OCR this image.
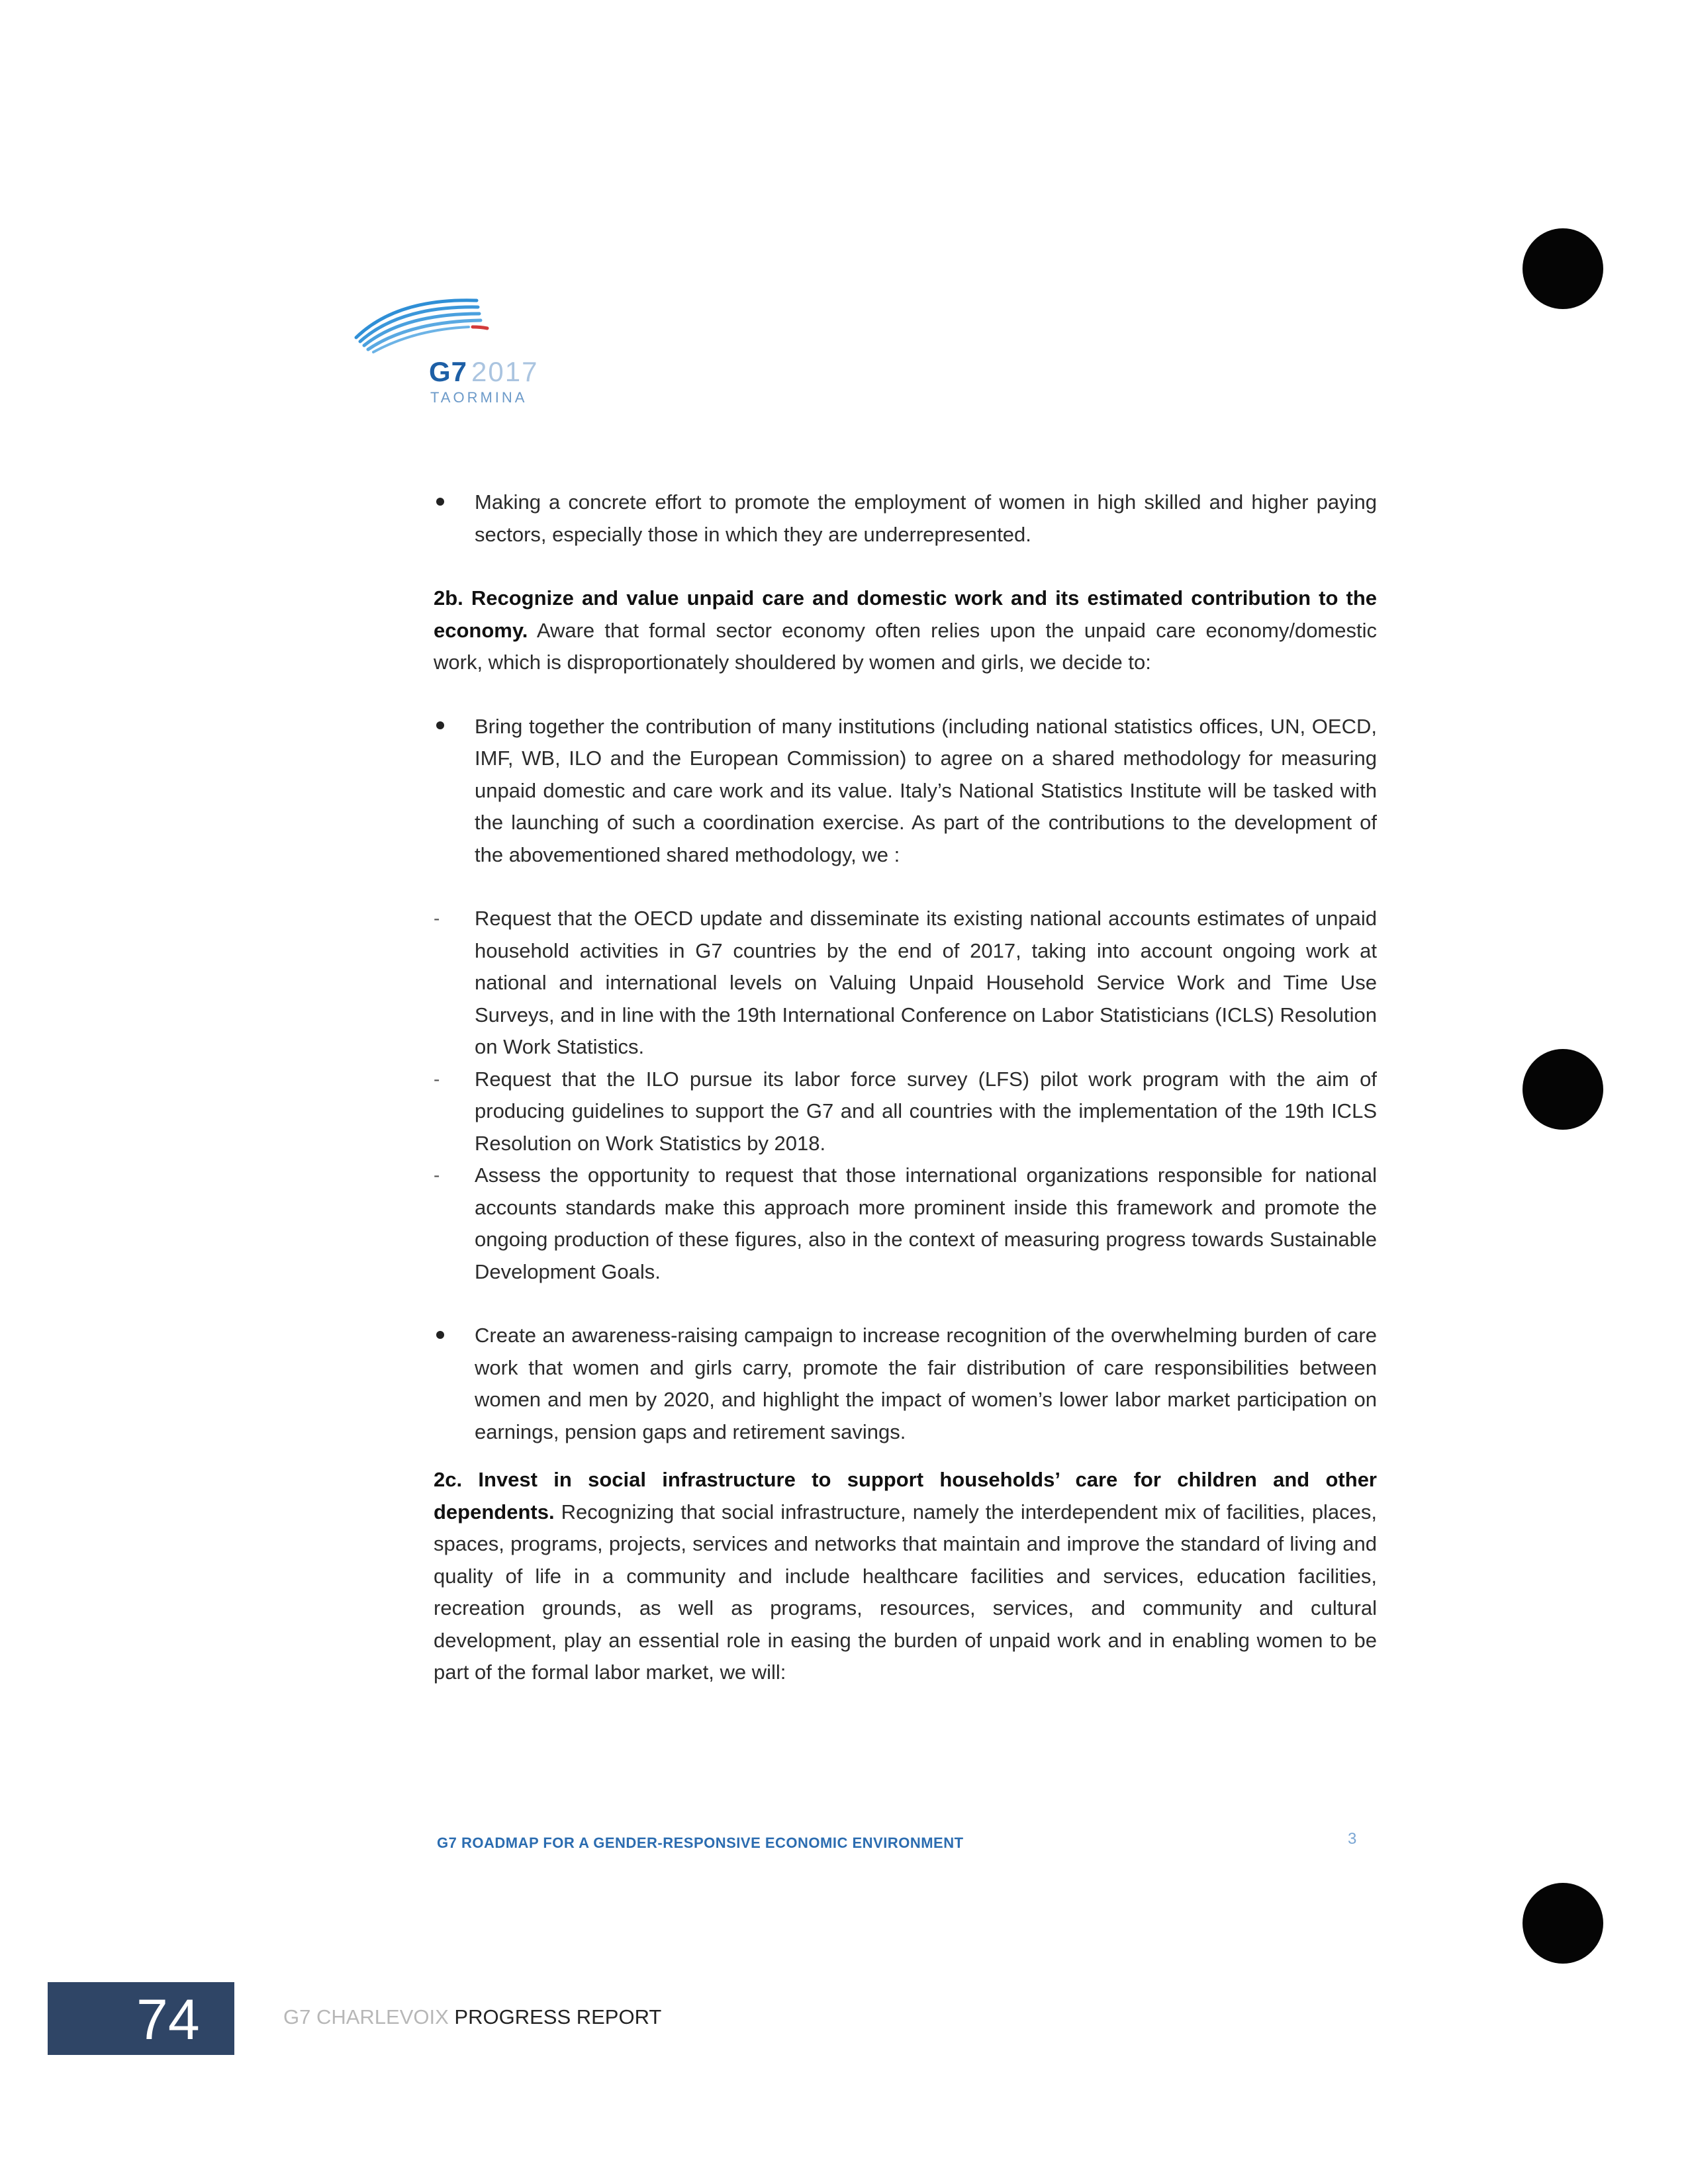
G7 2017
TAORMINA
Making a concrete effort to promote the employment of women in high skilled and higher paying sectors, especially those in which they are underrepresented.

2b. Recognize and value unpaid care and domestic work and its estimated contribution to the economy. Aware that formal sector economy often relies upon the unpaid care economy/domestic work, which is disproportionately shouldered by women and girls, we decide to:

Bring together the contribution of many institutions (including national statistics offices, UN, OECD, IMF, WB, ILO and the European Commission) to agree on a shared methodology for measuring unpaid domestic and care work and its value. Italy’s National Statistics Institute will be tasked with the launching of such a coordination exercise. As part of the contributions to the development of the abovementioned shared methodology, we :
-	Request that the OECD update and disseminate its existing national accounts estimates of unpaid household activities in G7 countries by the end of 2017, taking into account ongoing work at national and international levels on Valuing Unpaid Household Service Work and Time Use Surveys, and in line with the 19th International Conference on Labor Statisticians (ICLS) Resolution on Work Statistics.
-	Request that the ILO pursue its labor force survey (LFS) pilot work program with the aim of producing guidelines to support the G7 and all countries with the implementation of the 19th ICLS Resolution on Work Statistics by 2018.
-	Assess the opportunity to request that those international organizations responsible for national accounts standards make this approach more prominent inside this framework and promote the ongoing production of these figures, also in the context of measuring progress towards Sustainable Development Goals.
Create an awareness-raising campaign to increase recognition of the overwhelming burden of care work that women and girls carry, promote the fair distribution of care responsibilities between women and men by 2020, and highlight the impact of women’s lower labor market participation on earnings, pension gaps and retirement savings.

2c. Invest in social infrastructure to support households’ care for children and other dependents. Recognizing that social infrastructure, namely the interdependent mix of facilities, places, spaces, programs, projects, services and networks that maintain and improve the standard of living and quality of life in a community and include healthcare facilities and services, education facilities, recreation grounds, as well as programs, resources, services, and community and cultural development, play an essential role in easing the burden of unpaid work and in enabling women to be part of the formal labor market, we will:

G7 ROADMAP FOR A GENDER-RESPONSIVE ECONOMIC ENVIRONMENT	3
74	G7 CHARLEVOIX PROGRESS REPORT
